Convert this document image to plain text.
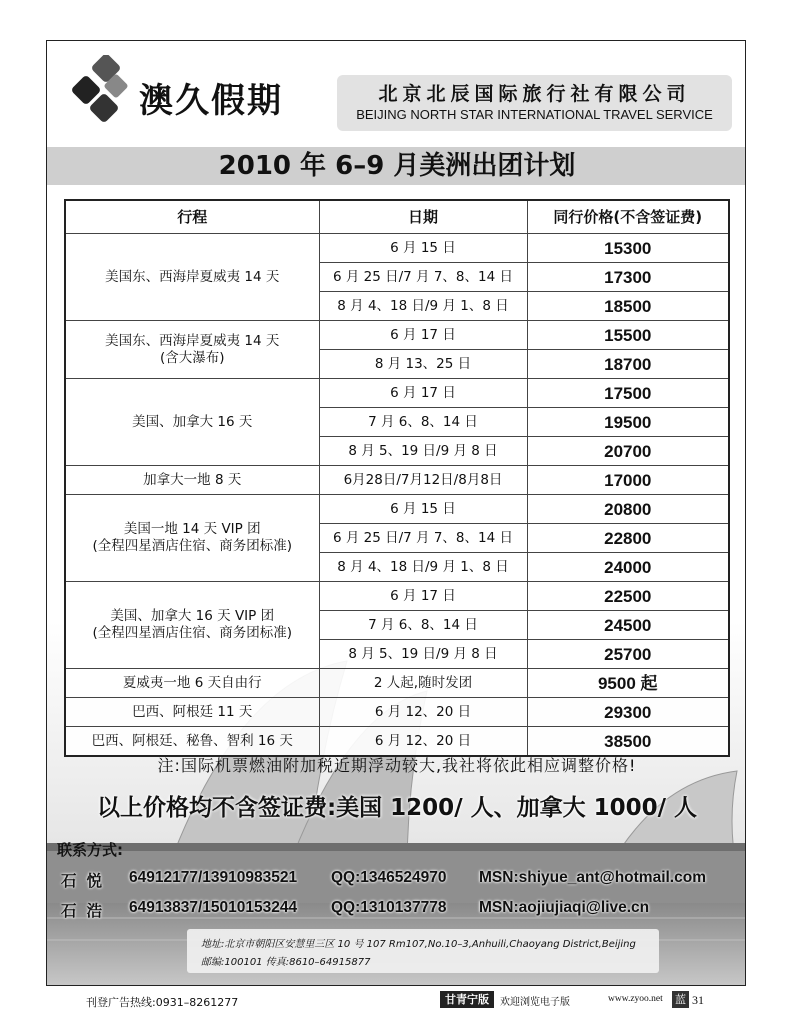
澳久假期	北京北辰国际旅行社有限公司
BEIJING NORTH STAR INTERNATIONAL TRAVEL SERVICE
2010 年 6–9 月美洲出团计划
行程	日期	同行价格(不含签证费)

美国东、西海岸夏威夷 14 天	6 月 15 日	15300
	6 月 25 日/7 月 7、8、14 日	17300
	8 月 4、18 日/9 月 1、8 日	18500

美国东、西海岸夏威夷 14 天
(含大瀑布)	6 月 17 日	15500
	8 月 13、25 日	18700

美国、加拿大 16 天	6 月 17 日	17500
	7 月 6、8、14 日	19500
	8 月 5、19 日/9 月 8 日	20700

加拿大一地 8 天	6月28日/7月12日/8月8日	17000

美国一地 14 天 VIP 团
(全程四星酒店住宿、商务团标准)	6 月 15 日	20800
	6 月 25 日/7 月 7、8、14 日	22800
	8 月 4、18 日/9 月 1、8 日	24000

美国、加拿大 16 天 VIP 团
(全程四星酒店住宿、商务团标准)	6 月 17 日	22500
	7 月 6、8、14 日	24500
	8 月 5、19 日/9 月 8 日	25700

夏威夷一地 6 天自由行	2 人起,随时发团	9500 起

巴西、阿根廷 11 天	6 月 12、20 日	29300

巴西、阿根廷、秘鲁、智利 16 天	6 月 12、20 日	38500
注:国际机票燃油附加税近期浮动较大,我社将依此相应调整价格!
以上价格均不含签证费:美国 1200/ 人、加拿大 1000/ 人
联系方式:
石悦 64912177/13910983521 QQ:1346524970 MSN:shiyue_ant@hotmail.com
石浩 64913837/15010153244 QQ:1310137778 MSN:aojiujiaqi@live.cn
地址:北京市朝阳区安慧里三区 10 号 107 Rm107,No.10–3,Anhuili,Chaoyang District,Beijing
邮编:100101 传真:8610–64915877
刊登广告热线:0931–8261277	甘青宁版	欢迎浏览电子版	www.zyoo.net 蓝 31
